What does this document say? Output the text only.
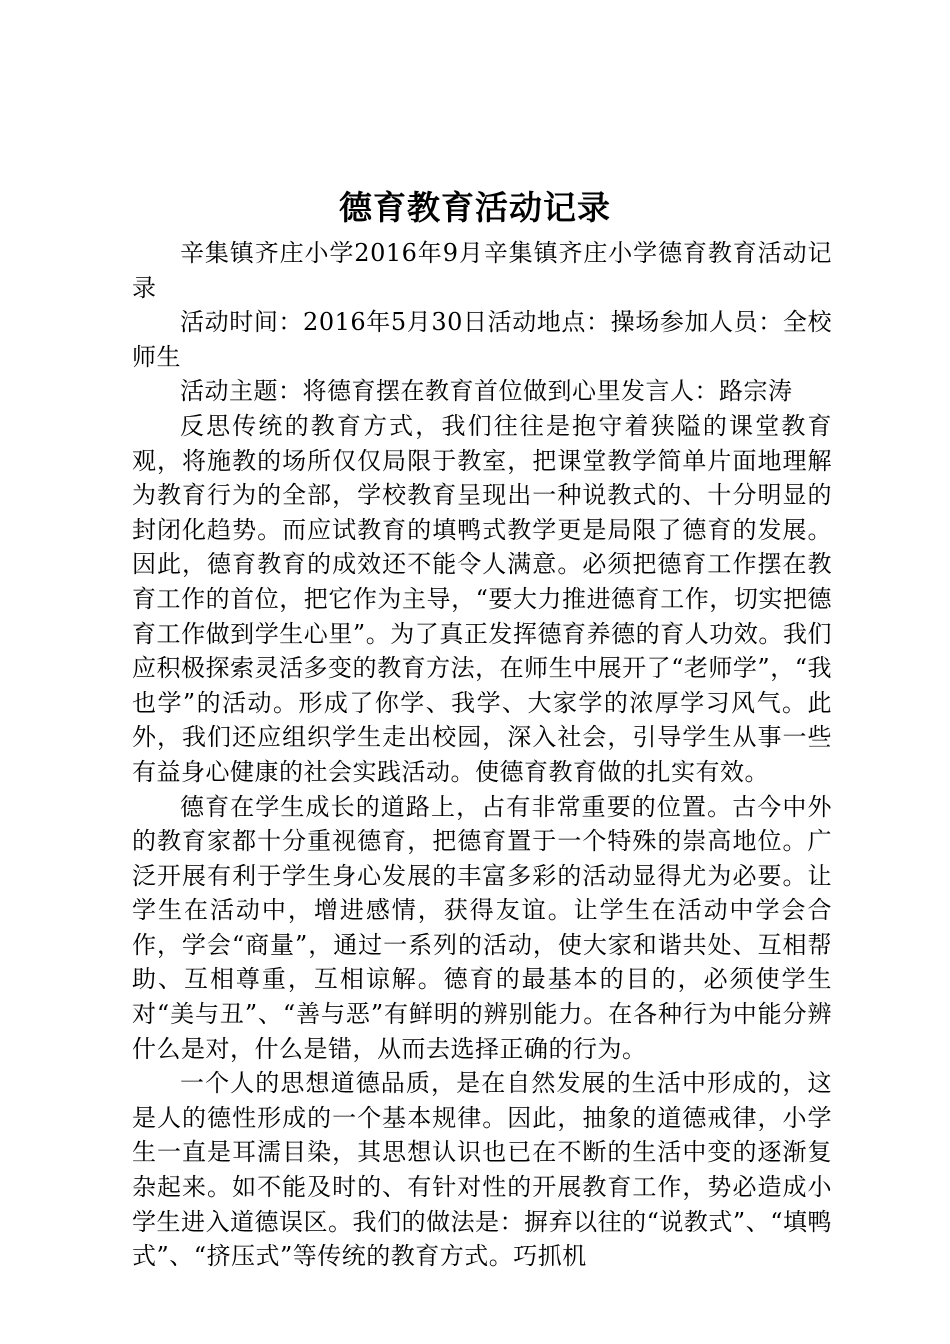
德育教育活动记录

辛集镇齐庄小学2016年9月辛集镇齐庄小学德育教育活动记录

活动时间：2016年5月30日活动地点：操场参加人员：全校师生

活动主题：将德育摆在教育首位做到心里发言人：路宗涛

反思传统的教育方式，我们往往是抱守着狭隘的课堂教育观，将施教的场所仅仅局限于教室，把课堂教学简单片面地理解为教育行为的全部，学校教育呈现出一种说教式的、十分明显的封闭化趋势。而应试教育的填鸭式教学更是局限了德育的发展。因此，德育教育的成效还不能令人满意。必须把德育工作摆在教育工作的首位，把它作为主导，“要大力推进德育工作，切实把德育工作做到学生心里”。为了真正发挥德育养德的育人功效。我们应积极探索灵活多变的教育方法，在师生中展开了“老师学”，“我也学”的活动。形成了你学、我学、大家学的浓厚学习风气。此外，我们还应组织学生走出校园，深入社会，引导学生从事一些有益身心健康的社会实践活动。使德育教育做的扎实有效。

德育在学生成长的道路上，占有非常重要的位置。古今中外的教育家都十分重视德育，把德育置于一个特殊的崇高地位。广泛开展有利于学生身心发展的丰富多彩的活动显得尤为必要。让学生在活动中，增进感情，获得友谊。让学生在活动中学会合作，学会“商量”，通过一系列的活动，使大家和谐共处、互相帮助、互相尊重，互相谅解。德育的最基本的目的，必须使学生对“美与丑”、“善与恶”有鲜明的辨别能力。在各种行为中能分辨什么是对，什么是错，从而去选择正确的行为。

一个人的思想道德品质，是在自然发展的生活中形成的，这是人的德性形成的一个基本规律。因此，抽象的道德戒律，小学生一直是耳濡目染，其思想认识也已在不断的生活中变的逐渐复杂起来。如不能及时的、有针对性的开展教育工作，势必造成小学生进入道德误区。我们的做法是：摒弃以往的“说教式”、“填鸭式”、“挤压式”等传统的教育方式。巧抓机
